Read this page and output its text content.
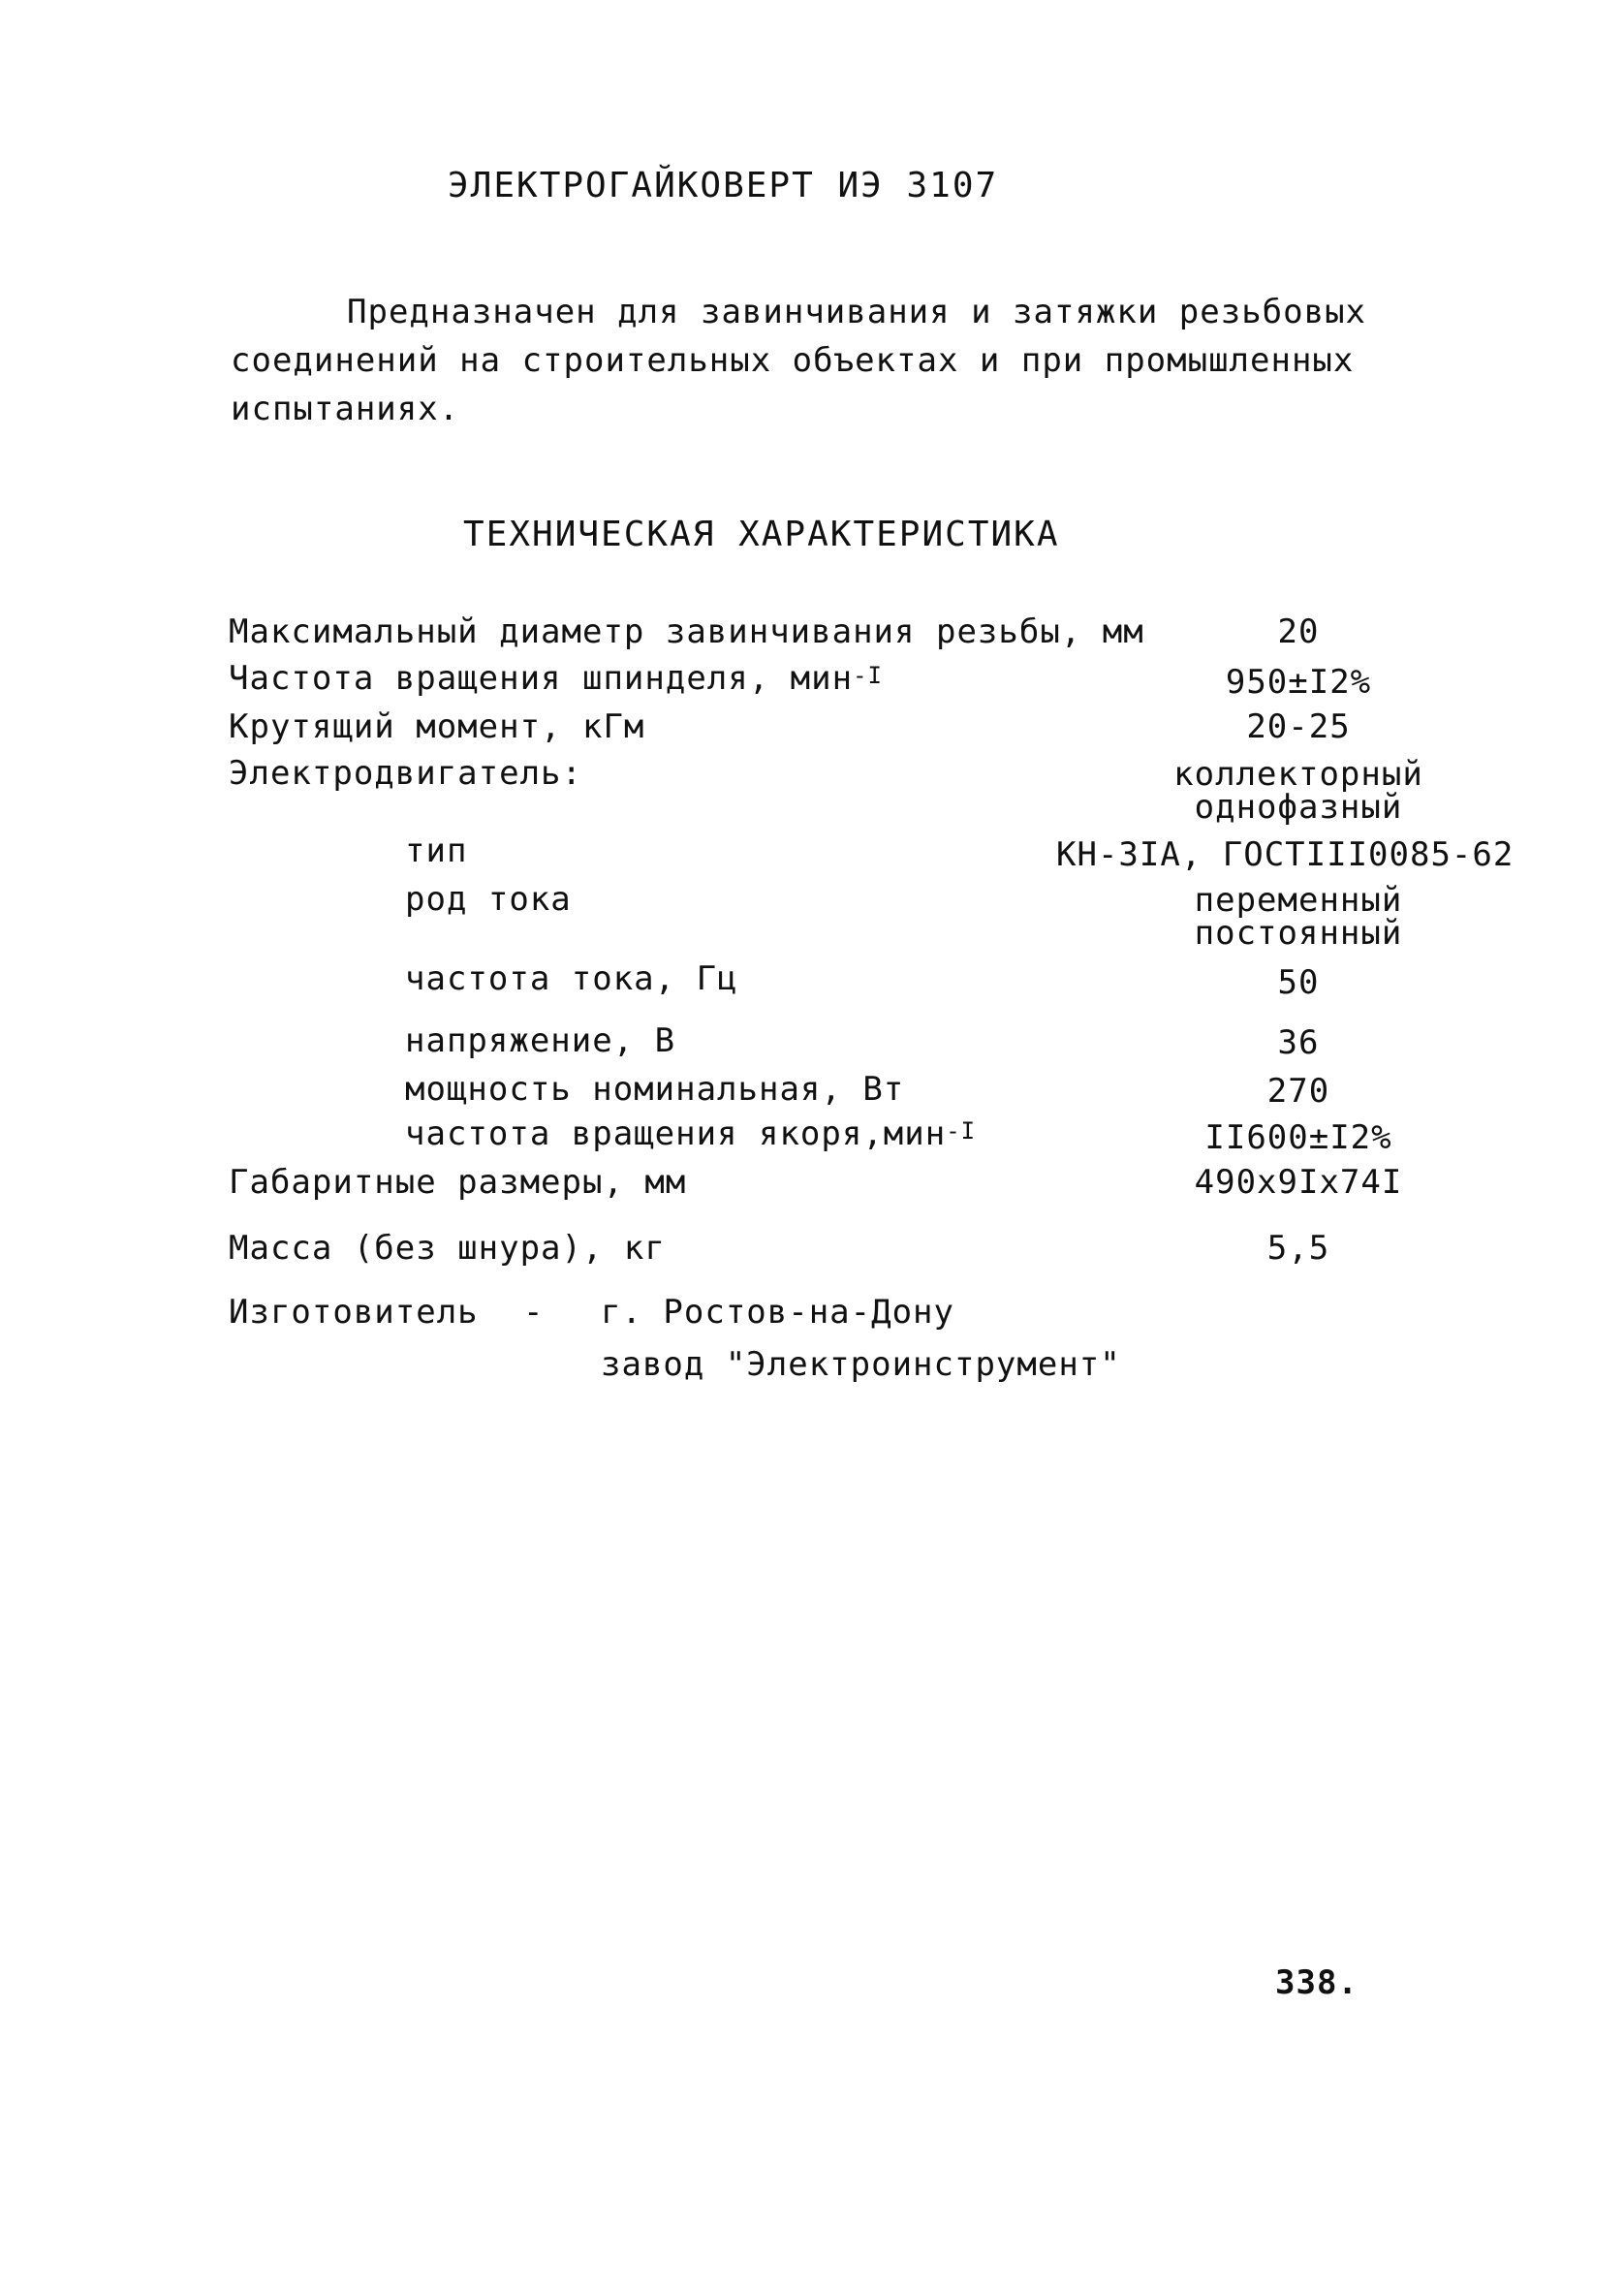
ЭЛЕКТРОГАЙКОВЕРТ ИЭ 3107
Предназначен для завинчивания и затяжки резьбовых
соединений на строительных объектах и при промышленных
испытаниях.
ТЕХНИЧЕСКАЯ ХАРАКТЕРИСТИКА
Максимальный диаметр завинчивания резьбы, мм	20
Частота вращения шпинделя, мин$^{-I}$	950±I2%
Крутящий момент, кГм	20-25
Электродвигатель:	коллекторный
однофазный
тип	КН-3IА, ГОСТIII0085-62
род тока	переменный
постоянный
частота тока, Гц	50
напряжение, В	36
мощность номинальная, Вт	270
частота вращения якоря,мин$^{-I}$	II600±I2%
Габаритные размеры, мм	490х9Iх74I
Масса (без шнура), кг	5,5
Изготовитель - г. Ростов-на-Дону
завод "Электроинструмент"
338.
